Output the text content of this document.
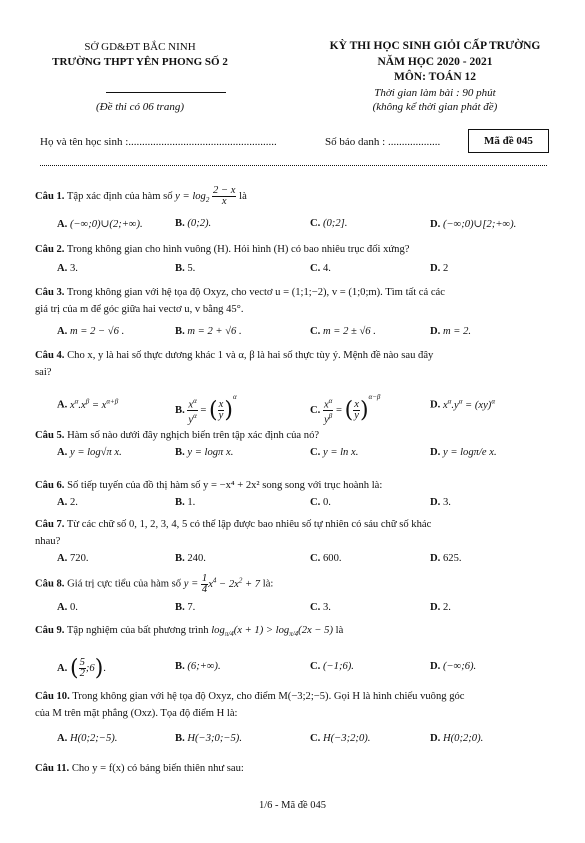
SỞ GD&ĐT BẮC NINH
TRƯỜNG THPT YÊN PHONG SỐ 2
(Đề thi có 06 trang)
KỲ THI HỌC SINH GIỎI CẤP TRƯỜNG
NĂM HỌC 2020 - 2021
MÔN: TOÁN 12
Thời gian làm bài : 90 phút
(không kể thời gian phát đề)
Họ và tên học sinh :......................................................	Số báo danh : ...................	Mã đề 045
Câu 1. Tập xác định của hàm số $y = \log_2 \frac{2 - x}{x}$ là
A. (−∞;0)∪(2;+∞).	B. (0;2).	C. (0;2].	D. (−∞;0)∪[2;+∞).
Câu 2. Trong không gian cho hình vuông (H). Hỏi hình (H) có bao nhiêu trục đối xứng?
A. 3.	B. 5.	C. 4.	D. 2
Câu 3. Trong không gian với hệ tọa độ Oxyz, cho vectơ u = (1;1;−2), v = (1;0;m). Tìm tất cả các
giá trị của m để góc giữa hai vectơ u, v bằng 45°.
A. m = 2 − √6 .	B. m = 2 + √6 .	C. m = 2 ± √6 .	D. m = 2.
Câu 4. Cho x, y là hai số thực dương khác 1 và α, β là hai số thực tùy ý. Mệnh đề nào sau đây
sai?
A. $x^\alpha.x^\beta = x^{\alpha+\beta}$
B. $\frac{x^\alpha}{y^\alpha}$ = ( $\frac{x}{y} )^\alpha$
C. $\frac{x^\alpha}{y^\beta}$ = ( $\frac{x}{y} )^{\alpha-\beta}$
D. $x^\alpha.y^\alpha = (xy)^\alpha$
Câu 5. Hàm số nào dưới đây nghịch biến trên tập xác định của nó?
A. y = log√π x.	B. y = logπ x.	C. y = ln x.	D. y = logπ/e x.
Câu 6. Số tiếp tuyến của đồ thị hàm số y = −x⁴ + 2x² song song với trục hoành là:
A. 2.	B. 1.	C. 0.	D. 3.
Câu 7. Từ các chữ số 0, 1, 2, 3, 4, 5 có thể lập được bao nhiêu số tự nhiên có sáu chữ số khác
nhau?
A. 720.	B. 240.	C. 600.	D. 625.
Câu 8. Giá trị cực tiểu của hàm số $y = \frac{1}{4} x^4 - 2x^2 + 7$ là:
A. 0.	B. 7.	C. 3.	D. 2.
Câu 9. Tập nghiệm của bất phương trình $\log_{\pi/4}(x + 1) > \log_{\pi/4}(2x - 5)$ là
A. ( $\frac{5}{2}$ ;6).	B. (6;+∞).	C. (−1;6).	D. (−∞;6).
Câu 10. Trong không gian với hệ tọa độ Oxyz, cho điểm M(−3;2;−5). Gọi H là hình chiếu vuông góc
của M trên mặt phẳng (Oxz). Tọa độ điểm H là:
A. H(0;2;−5).	B. H(−3;0;−5).	C. H(−3;2;0).	D. H(0;2;0).
Câu 11. Cho y = f(x) có bảng biến thiên như sau:
1/6 - Mã đề 045
